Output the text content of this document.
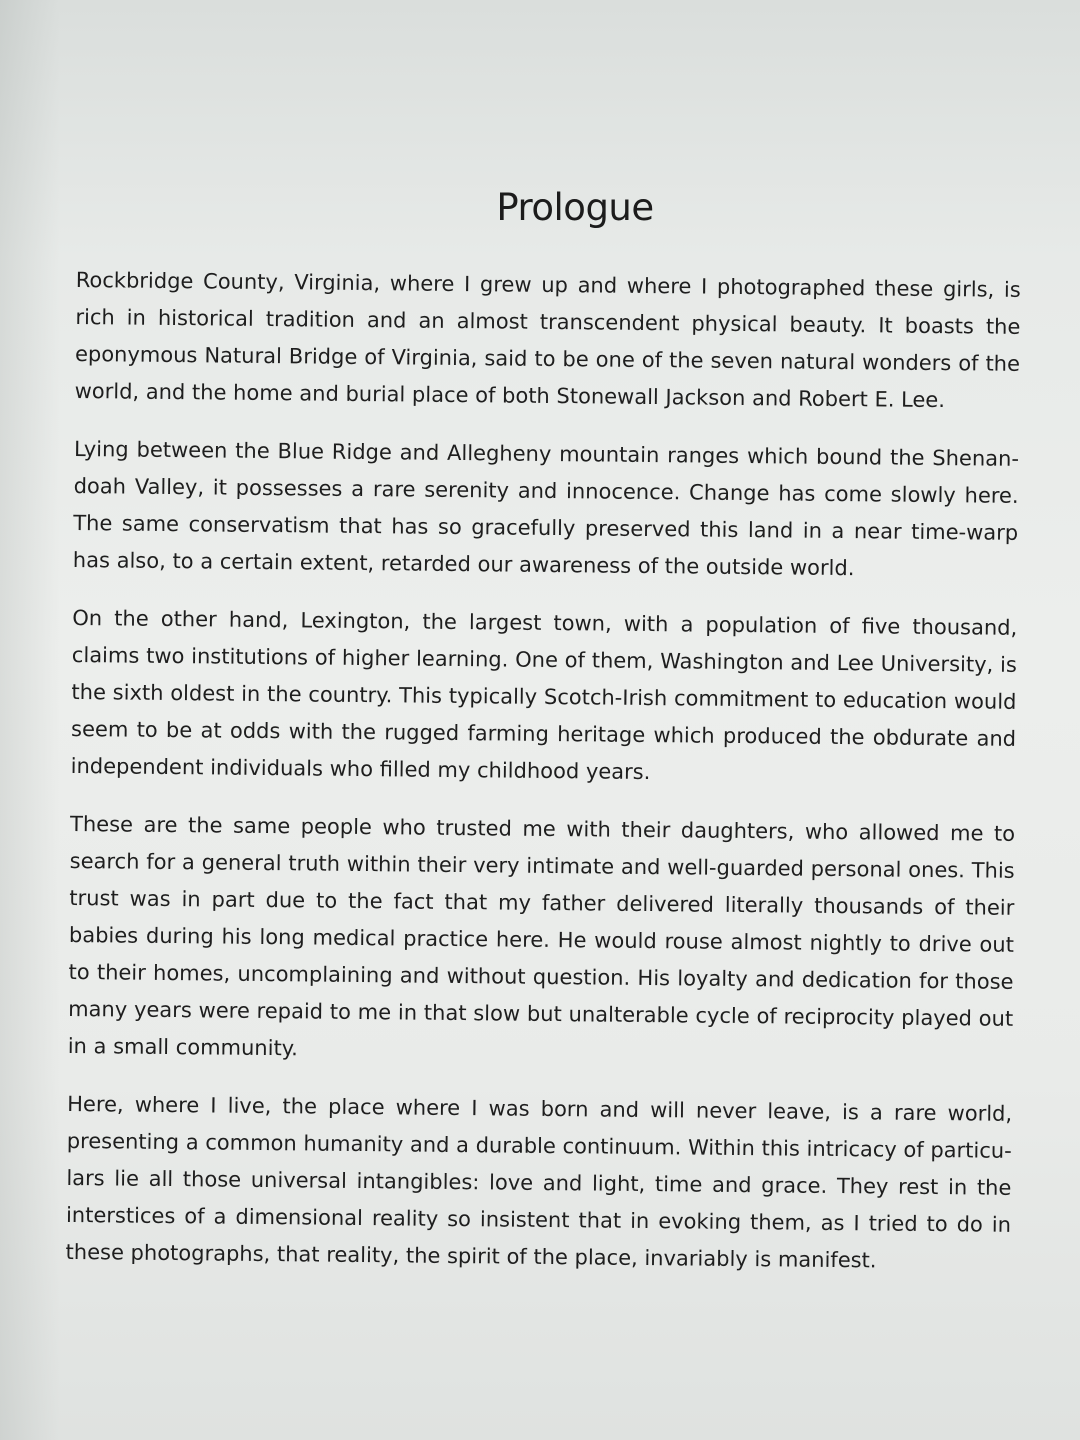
Prologue

Rockbridge County, Virginia, where I grew up and where I photographed these girls, is rich in historical tradition and an almost transcendent physical beauty. It boasts the eponymous Natural Bridge of Virginia, said to be one of the seven natural wonders of the world, and the home and burial place of both Stonewall Jackson and Robert E. Lee.

Lying between the Blue Ridge and Allegheny mountain ranges which bound the Shenan-doah Valley, it possesses a rare serenity and innocence. Change has come slowly here. The same conservatism that has so gracefully preserved this land in a near time-warp has also, to a certain extent, retarded our awareness of the outside world.

On the other hand, Lexington, the largest town, with a population of five thousand, claims two institutions of higher learning. One of them, Washington and Lee University, is the sixth oldest in the country. This typically Scotch-Irish commitment to education would seem to be at odds with the rugged farming heritage which produced the obdurate and independent individuals who filled my childhood years.

These are the same people who trusted me with their daughters, who allowed me to search for a general truth within their very intimate and well-guarded personal ones. This trust was in part due to the fact that my father delivered literally thousands of their babies during his long medical practice here. He would rouse almost nightly to drive out to their homes, uncomplaining and without question. His loyalty and dedication for those many years were repaid to me in that slow but unalterable cycle of reciprocity played out in a small community.

Here, where I live, the place where I was born and will never leave, is a rare world, presenting a common humanity and a durable continuum. Within this intricacy of particu-lars lie all those universal intangibles: love and light, time and grace. They rest in the interstices of a dimensional reality so insistent that in evoking them, as I tried to do in these photographs, that reality, the spirit of the place, invariably is manifest.
